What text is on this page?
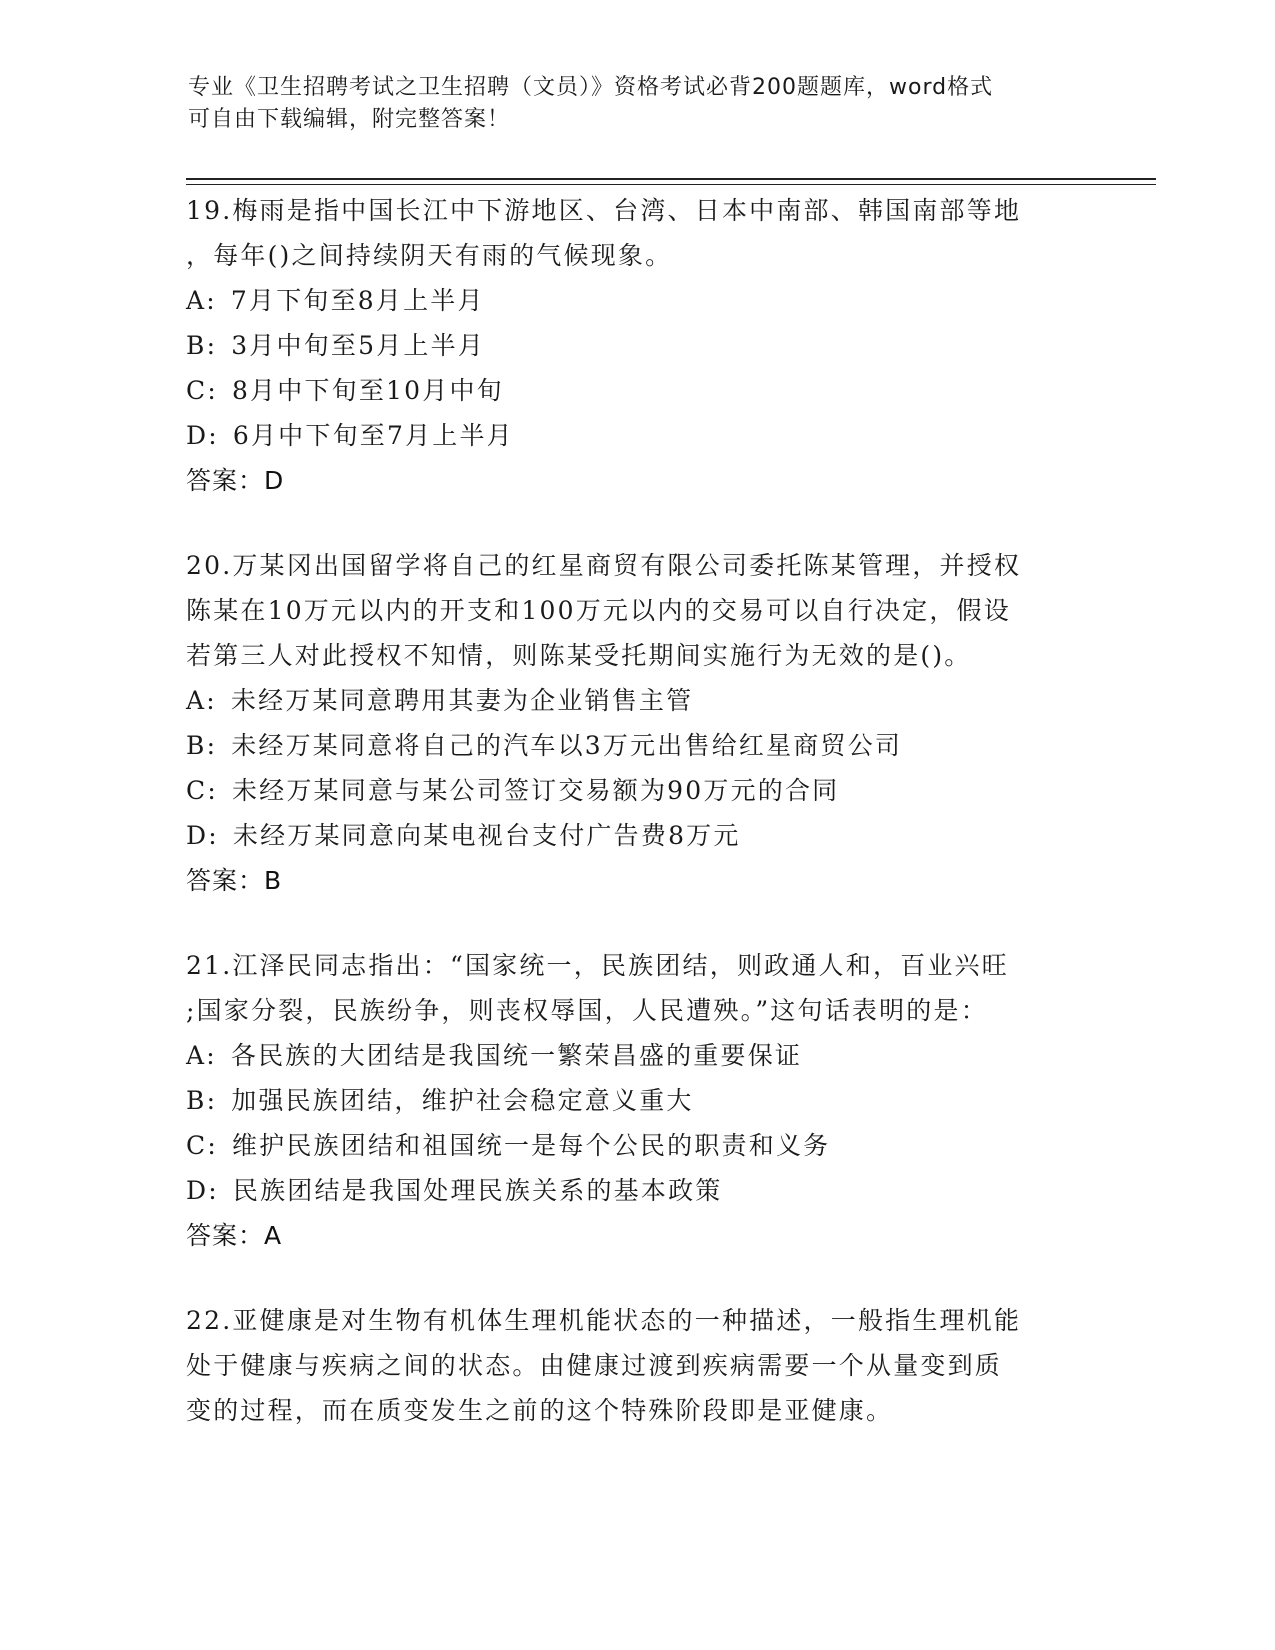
专业《卫生招聘考试之卫生招聘（文员）》资格考试必背200题题库，word格式
可自由下载编辑，附完整答案！
19.梅雨是指中国长江中下游地区、台湾、日本中南部、韩国南部等地
，每年()之间持续阴天有雨的气候现象。
A: 7月下旬至8月上半月
B: 3月中旬至5月上半月
C: 8月中下旬至10月中旬
D: 6月中下旬至7月上半月
答案：D
20.万某冈出国留学将自己的红星商贸有限公司委托陈某管理，并授权
陈某在10万元以内的开支和100万元以内的交易可以自行决定，假设
若第三人对此授权不知情，则陈某受托期间实施行为无效的是()。
A: 未经万某同意聘用其妻为企业销售主管
B: 未经万某同意将自己的汽车以3万元出售给红星商贸公司
C: 未经万某同意与某公司签订交易额为90万元的合同
D: 未经万某同意向某电视台支付广告费8万元
答案：B
21.江泽民同志指出：“国家统一，民族团结，则政通人和，百业兴旺
;国家分裂，民族纷争，则丧权辱国，人民遭殃。”这句话表明的是：
A: 各民族的大团结是我国统一繁荣昌盛的重要保证
B: 加强民族团结，维护社会稳定意义重大
C: 维护民族团结和祖国统一是每个公民的职责和义务
D: 民族团结是我国处理民族关系的基本政策
答案：A
22.亚健康是对生物有机体生理机能状态的一种描述，一般指生理机能
处于健康与疾病之间的状态。由健康过渡到疾病需要一个从量变到质
变的过程，而在质变发生之前的这个特殊阶段即是亚健康。
